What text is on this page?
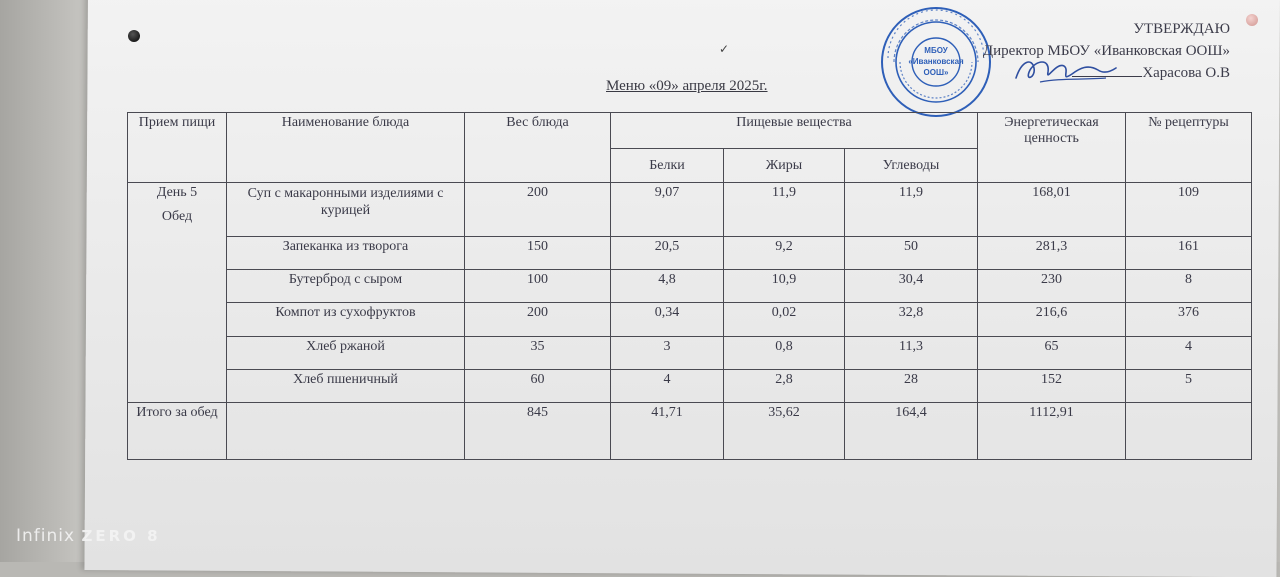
МБОУ
«Иванковская
ООШ»
УТВЕРЖДАЮ
Директор МБОУ «Иванковская ООШ»
Харасова О.В
✓
Меню «09» апреля 2025г.
Прием пищи	Наименование блюда	Вес блюда	Пищевые вещества			Энергетическая ценность	№ рецептуры
			Белки	Жиры	Углеводы		

День 5
Обед	Суп с макаронными изделиями с курицей	200	9,07	11,9	11,9	168,01	109
	Запеканка из творога	150	20,5	9,2	50	281,3	161
	Бутерброд с сыром	100	4,8	10,9	30,4	230	8
	Компот из сухофруктов	200	0,34	0,02	32,8	216,6	376
	Хлеб ржаной	35	3	0,8	11,3	65	4
	Хлеб пшеничный	60	4	2,8	28	152	5
Итого за обед		845	41,71	35,62	164,4	1112,91	
Infinix ZERO 8
